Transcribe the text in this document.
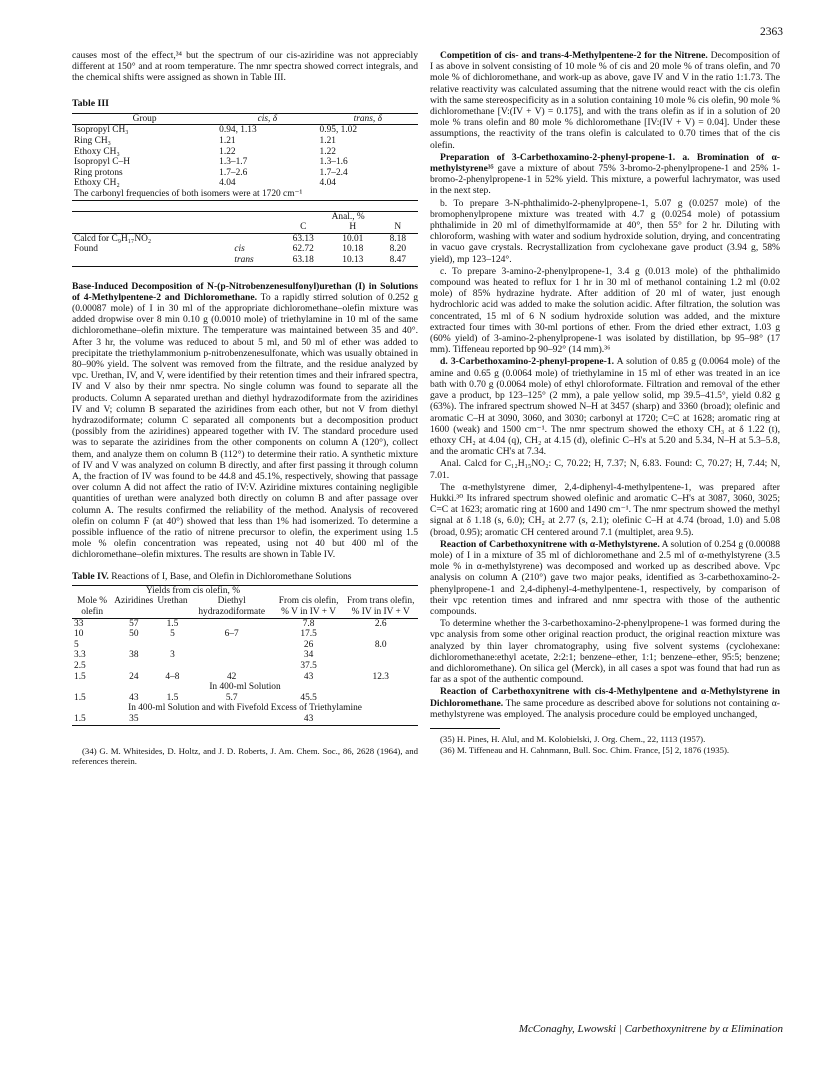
2363

causes most of the effect,³⁴ but the spectrum of our cis-aziridine was not appreciably different at 150° and at room temperature. The nmr spectra showed correct integrals, and the chemical shifts were assigned as shown in Table III.

Table III
Group	cis, δ	trans, δ
Isopropyl CH₃	0.94, 1.13	0.95, 1.02
Ring CH₃	1.21	1.21
Ethoxy CH₃	1.22	1.22
Isopropyl C–H	1.3–1.7	1.3–1.6
Ring protons	1.7–2.6	1.7–2.4
Ethoxy CH₂	4.04	4.04
The carbonyl frequencies of both isomers were at 1720 cm⁻¹		
		Anal., %		
		C	H	N
Calcd for C₉H₁₇NO₂		63.13	10.01	8.18
Found	cis	62.72	10.18	8.20
	trans	63.18	10.13	8.47

Base-Induced Decomposition of N-(p-Nitrobenzenesulfonyl)urethan (I) in Solutions of 4-Methylpentene-2 and Dichloromethane. To a rapidly stirred solution of 0.252 g (0.00087 mole) of I in 30 ml of the appropriate dichloromethane–olefin mixture was added dropwise over 8 min 0.10 g (0.0010 mole) of triethylamine in 10 ml of the same dichloromethane–olefin mixture. The temperature was maintained between 35 and 40°. After 3 hr, the volume was reduced to about 5 ml, and 50 ml of ether was added to precipitate the triethylammonium p-nitrobenzenesulfonate, which was usually obtained in 80–90% yield. The solvent was removed from the filtrate, and the residue analyzed by vpc. Urethan, IV, and V, were identified by their retention times and their infrared spectra, IV and V also by their nmr spectra. No single column was found to separate all the products. Column A separated urethan and diethyl hydrazodiformate from the aziridines IV and V; column B separated the aziridines from each other, but not V from diethyl hydrazodiformate; column C separated all components but a decomposition product (possibly from the aziridines) appeared together with IV. The standard procedure used was to separate the aziridines from the other components on column A (120°), collect them, and analyze them on column B (112°) to determine their ratio. A synthetic mixture of IV and V was analyzed on column B directly, and after first passing it through column A, the fraction of IV was found to be 44.8 and 45.1%, respectively, showing that passage over column A did not affect the ratio of IV:V. Aziridine mixtures containing negligible quantities of urethan were analyzed both directly on column B and after passage over column A. The results confirmed the reliability of the method. Analysis of recovered olefin on column F (at 40°) showed that less than 1% had isomerized. To determine a possible influence of the ratio of nitrene precursor to olefin, the experiment using 1.5 mole % olefin concentration was repeated, using not 40 but 400 ml of the dichloromethane–olefin mixtures. The results are shown in Table IV.

Table IV. Reactions of I, Base, and Olefin in Dichloromethane Solutions
	Yields from cis olefin, %				
Mole % olefin	Aziridines	Urethan	Diethyl hydrazodiformate	From cis olefin, % V in IV + V	From trans olefin, % IV in IV + V
33	57	1.5		7.8	2.6
10	50	5	6–7	17.5	
5				26	8.0
3.3	38	3		34	
2.5				37.5	
1.5	24	4–8	42	43	12.3
In 400-ml Solution					
1.5	43	1.5	5.7	45.5	
In 400-ml Solution and with Fivefold Excess of Triethylamine					
1.5	35			43	

(34) G. M. Whitesides, D. Holtz, and J. D. Roberts, J. Am. Chem. Soc., 86, 2628 (1964), and references therein.

Competition of cis- and trans-4-Methylpentene-2 for the Nitrene. Decomposition of I as above in solvent consisting of 10 mole % of cis and 20 mole % of trans olefin, and 70 mole % of dichloromethane, and work-up as above, gave IV and V in the ratio 1:1.73. The relative reactivity was calculated assuming that the nitrene would react with the cis olefin with the same stereospecificity as in a solution containing 10 mole % cis olefin, 90 mole % dichloromethane [V:(IV + V) = 0.175], and with the trans olefin as if in a solution of 20 mole % trans olefin and 80 mole % dichloromethane [IV:(IV + V) = 0.04]. Under these assumptions, the reactivity of the trans olefin is calculated to 0.70 times that of the cis olefin.

Preparation of 3-Carbethoxamino-2-phenyl-propene-1. a. Bromination of α-methylstyrene³⁵ gave a mixture of about 75% 3-bromo-2-phenylpropene-1 and 25% 1-bromo-2-phenylpropene-1 in 52% yield. This mixture, a powerful lachrymator, was used in the next step.

b. To prepare 3-N-phthalimido-2-phenylpropene-1, 5.07 g (0.0257 mole) of the bromophenylpropene mixture was treated with 4.7 g (0.0254 mole) of potassium phthalimide in 20 ml of dimethylformamide at 40°, then 55° for 2 hr. Diluting with chloroform, washing with water and sodium hydroxide solution, drying, and concentrating in vacuo gave crystals. Recrystallization from cyclohexane gave product (3.94 g, 58% yield), mp 123–124°.

c. To prepare 3-amino-2-phenylpropene-1, 3.4 g (0.013 mole) of the phthalimido compound was heated to reflux for 1 hr in 30 ml of methanol containing 1.2 ml (0.02 mole) of 85% hydrazine hydrate. After addition of 20 ml of water, just enough hydrochloric acid was added to make the solution acidic. After filtration, the solution was concentrated, 15 ml of 6 N sodium hydroxide solution was added, and the mixture extracted four times with 30-ml portions of ether. From the dried ether extract, 1.03 g (60% yield) of 3-amino-2-phenylpropene-1 was isolated by distillation, bp 95–98° (17 mm). Tiffeneau reported bp 90–92° (14 mm).³⁶

d. 3-Carbethoxamino-2-phenyl-propene-1. A solution of 0.85 g (0.0064 mole) of the amine and 0.65 g (0.0064 mole) of triethylamine in 15 ml of ether was treated in an ice bath with 0.70 g (0.0064 mole) of ethyl chloroformate. Filtration and removal of the ether gave a product, bp 123–125° (2 mm), a pale yellow solid, mp 39.5–41.5°, yield 0.82 g (63%). The infrared spectrum showed N–H at 3457 (sharp) and 3360 (broad); olefinic and aromatic C–H at 3090, 3060, and 3030; carbonyl at 1720; C=C at 1628; aromatic ring at 1600 (weak) and 1500 cm⁻¹. The nmr spectrum showed the ethoxy CH₃ at δ 1.22 (t), ethoxy CH₂ at 4.04 (q), CH₂ at 4.15 (d), olefinic C–H's at 5.20 and 5.34, N–H at 5.3–5.8, and the aromatic CH's at 7.34.

Anal. Calcd for C₁₂H₁₅NO₂: C, 70.22; H, 7.37; N, 6.83. Found: C, 70.27; H, 7.44; N, 7.01.

The α-methylstyrene dimer, 2,4-diphenyl-4-methylpentene-1, was prepared after Hukki.³⁰ Its infrared spectrum showed olefinic and aromatic C–H's at 3087, 3060, 3025; C=C at 1623; aromatic ring at 1600 and 1490 cm⁻¹. The nmr spectrum showed the methyl signal at δ 1.18 (s, 6.0); CH₂ at 2.77 (s, 2.1); olefinic C–H at 4.74 (broad, 1.0) and 5.08 (broad, 0.95); aromatic CH centered around 7.1 (multiplet, area 9.5).

Reaction of Carbethoxynitrene with α-Methylstyrene. A solution of 0.254 g (0.00088 mole) of I in a mixture of 35 ml of dichloromethane and 2.5 ml of α-methylstyrene (3.5 mole % in α-methylstyrene) was decomposed and worked up as described above. Vpc analysis on column A (210°) gave two major peaks, identified as 3-carbethoxamino-2-phenylpropene-1 and 2,4-diphenyl-4-methylpentene-1, respectively, by comparison of their vpc retention times and infrared and nmr spectra with those of the authentic compounds.

To determine whether the 3-carbethoxamino-2-phenylpropene-1 was formed during the vpc analysis from some other original reaction product, the original reaction mixture was analyzed by thin layer chromatography, using five solvent systems (cyclohexane: dichloromethane:ethyl acetate, 2:2:1; benzene–ether, 1:1; benzene–ether, 95:5; benzene; and dichloromethane). On silica gel (Merck), in all cases a spot was found that had run as far as a spot of the authentic compound.

Reaction of Carbethoxynitrene with cis-4-Methylpentene and α-Methylstyrene in Dichloromethane. The same procedure as described above for solutions not containing α-methylstyrene was employed. The analysis procedure could be employed unchanged,

(35) H. Pines, H. Alul, and M. Kolobielski, J. Org. Chem., 22, 1113 (1957).

(36) M. Tiffeneau and H. Cahnmann, Bull. Soc. Chim. France, [5] 2, 1876 (1935).

McConaghy, Lwowski | Carbethoxynitrene by α Elimination
